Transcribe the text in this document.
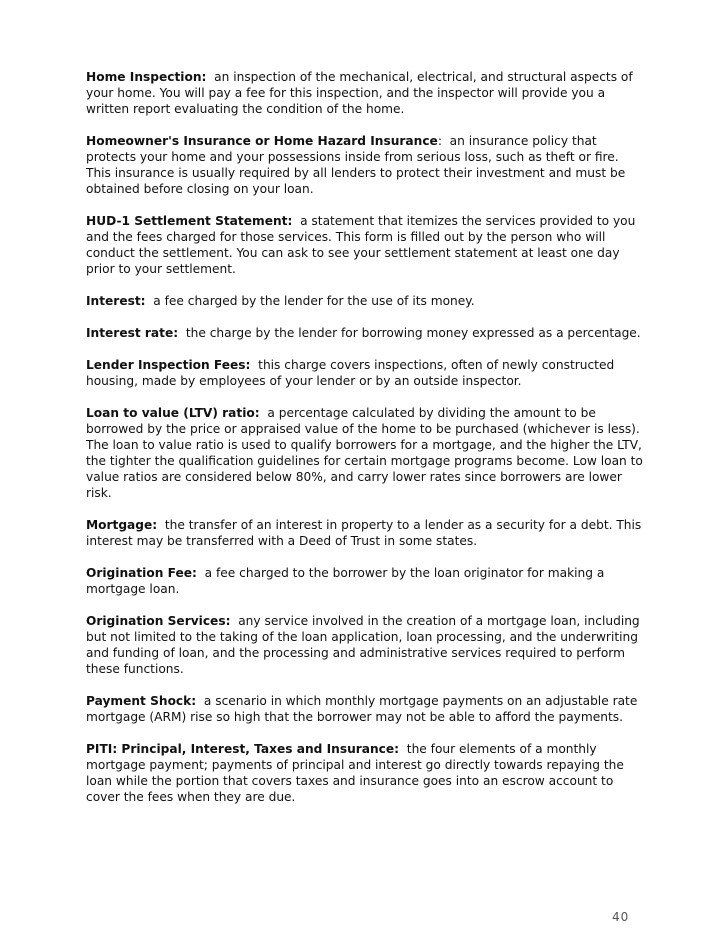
Home Inspection: an inspection of the mechanical, electrical, and structural aspects of your home. You will pay a fee for this inspection, and the inspector will provide you a written report evaluating the condition of the home.

Homeowner's Insurance or Home Hazard Insurance:  an insurance policy that protects your home and your possessions inside from serious loss, such as theft or fire. This insurance is usually required by all lenders to protect their investment and must be obtained before closing on your loan.

HUD-1 Settlement Statement: a statement that itemizes the services provided to you and the fees charged for those services. This form is filled out by the person who will conduct the settlement. You can ask to see your settlement statement at least one day prior to your settlement.

Interest: a fee charged by the lender for the use of its money.

Interest rate: the charge by the lender for borrowing money expressed as a percentage.

Lender Inspection Fees: this charge covers inspections, often of newly constructed housing, made by employees of your lender or by an outside inspector.

Loan to value (LTV) ratio: a percentage calculated by dividing the amount to be borrowed by the price or appraised value of the home to be purchased (whichever is less). The loan to value ratio is used to qualify borrowers for a mortgage, and the higher the LTV, the tighter the qualification guidelines for certain mortgage programs become. Low loan to value ratios are considered below 80%, and carry lower rates since borrowers are lower risk.

Mortgage: the transfer of an interest in property to a lender as a security for a debt. This interest may be transferred with a Deed of Trust in some states.

Origination Fee: a fee charged to the borrower by the loan originator for making a mortgage loan.

Origination Services: any service involved in the creation of a mortgage loan, including but not limited to the taking of the loan application, loan processing, and the underwriting and funding of loan, and the processing and administrative services required to perform these functions.

Payment Shock: a scenario in which monthly mortgage payments on an adjustable rate mortgage (ARM) rise so high that the borrower may not be able to afford the payments.

PITI: Principal, Interest, Taxes and Insurance: the four elements of a monthly mortgage payment; payments of principal and interest go directly towards repaying the loan while the portion that covers taxes and insurance goes into an escrow account to cover the fees when they are due.

40
